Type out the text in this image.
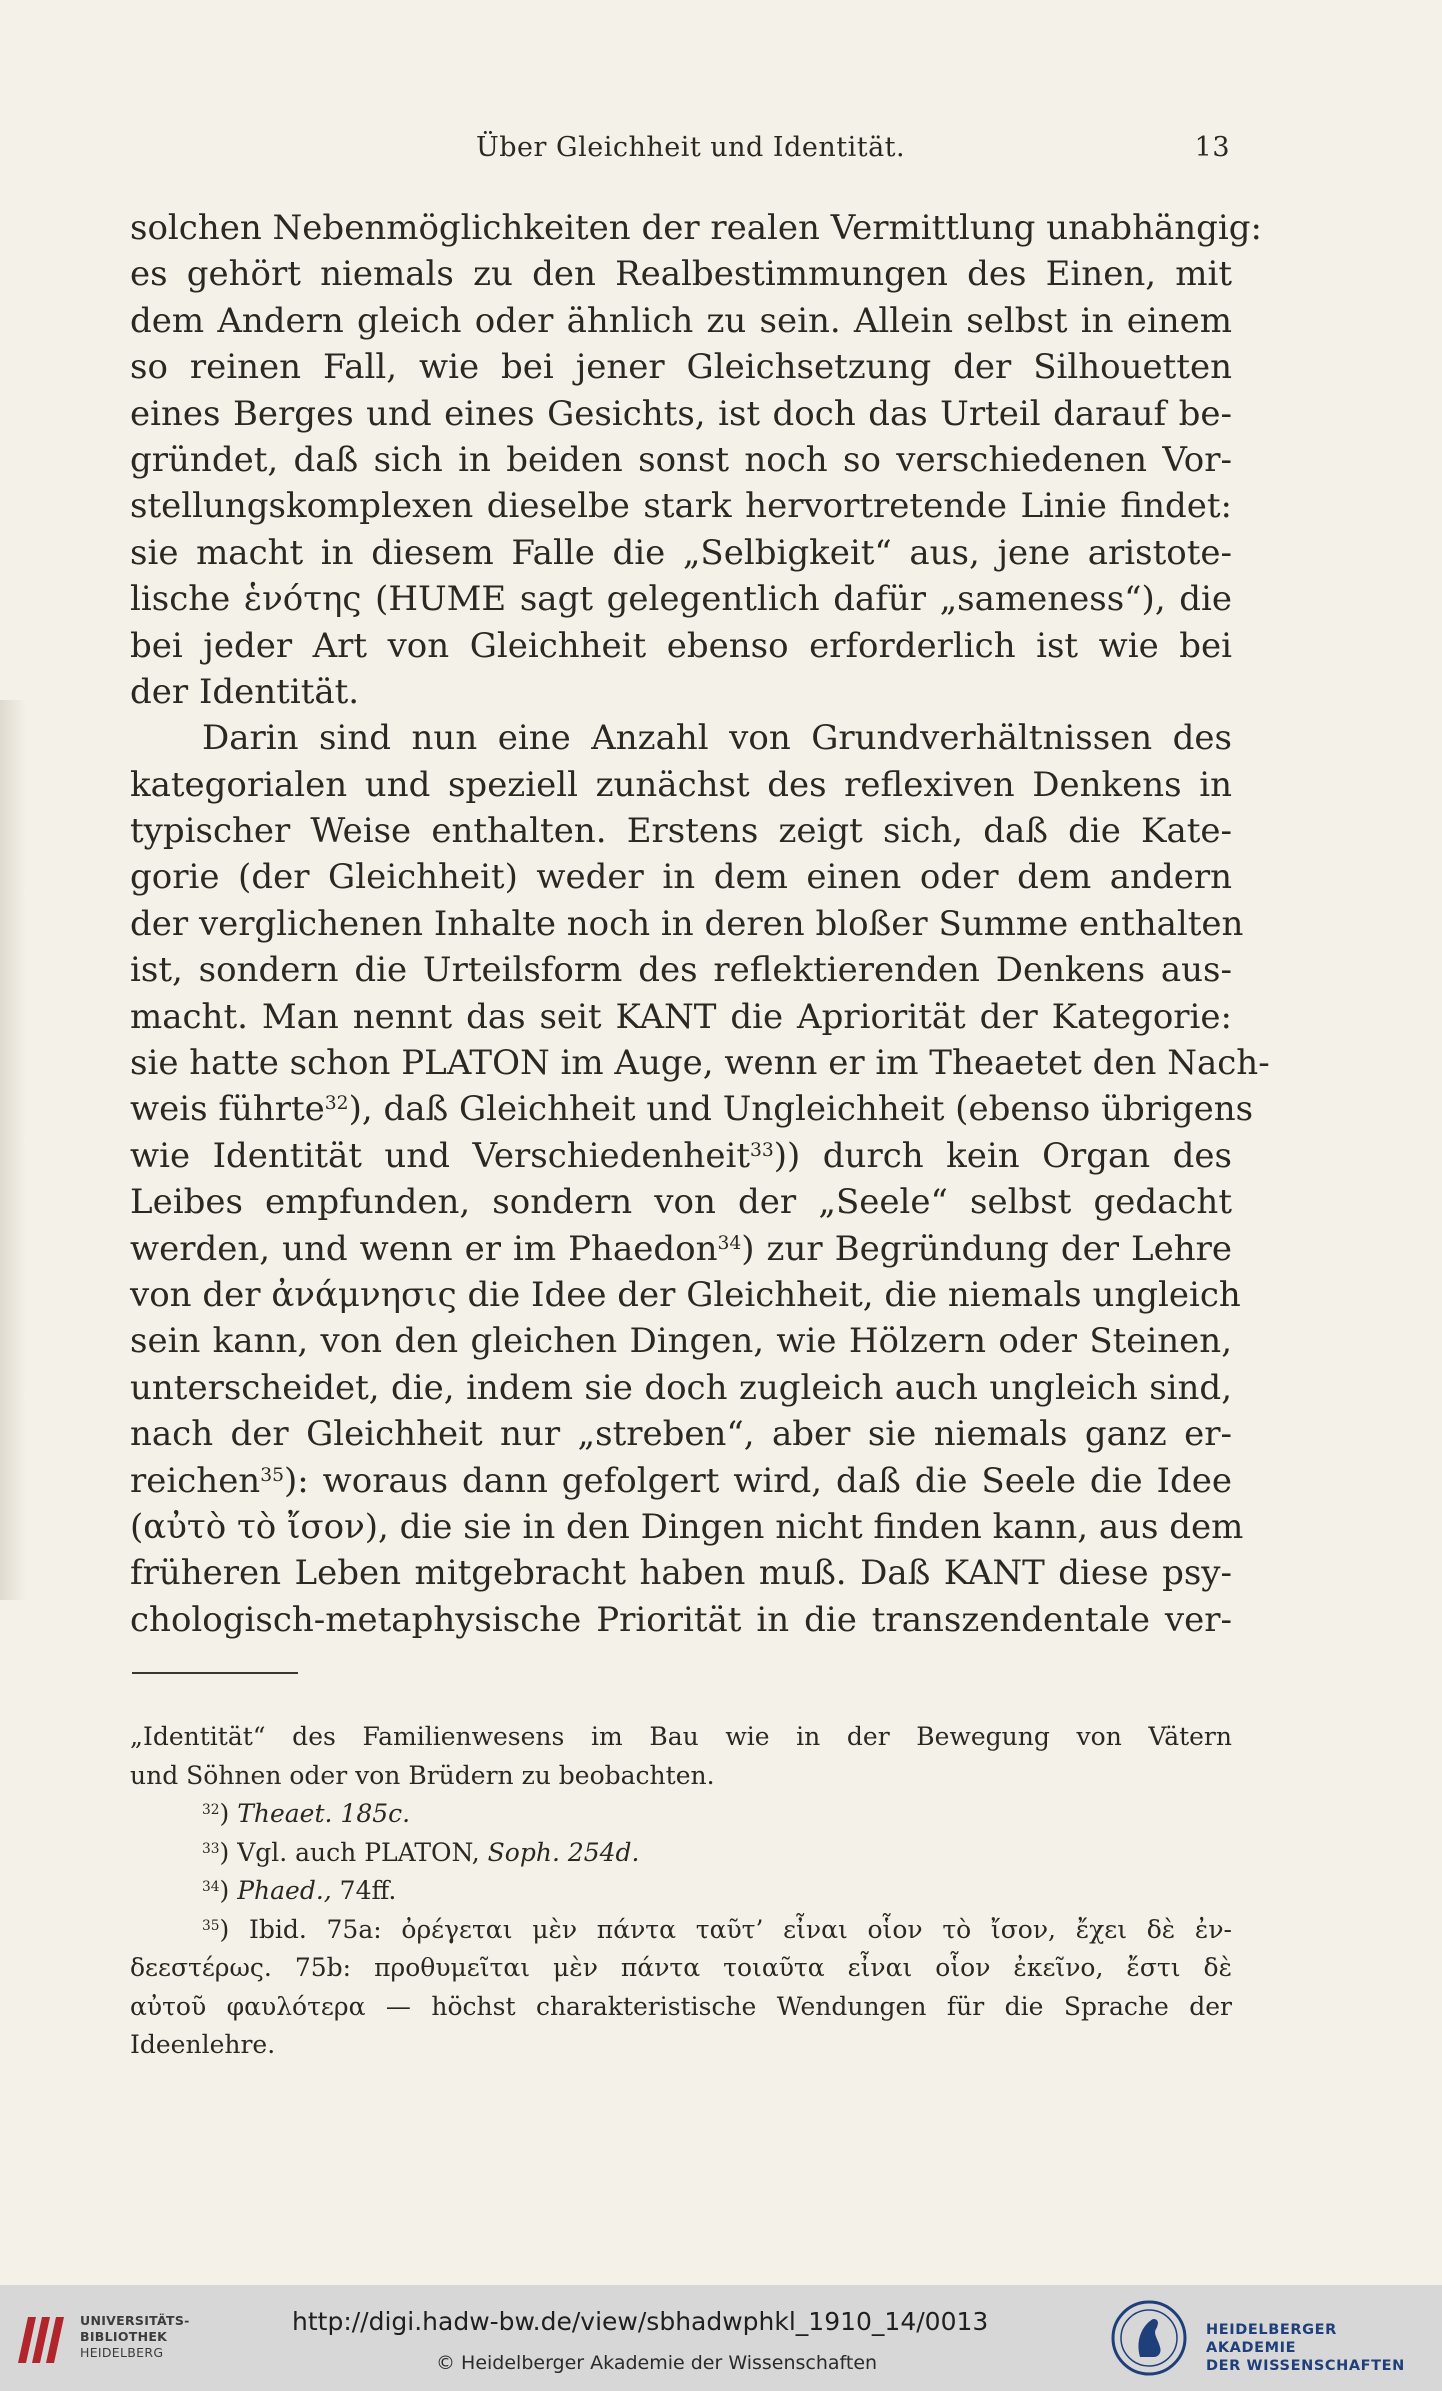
Über Gleichheit und Identität.	13
solchen Nebenmöglichkeiten der realen Vermittlung unabhängig:
es gehört niemals zu den Realbestimmungen des Einen, mit
dem Andern gleich oder ähnlich zu sein. Allein selbst in einem
so reinen Fall, wie bei jener Gleichsetzung der Silhouetten
eines Berges und eines Gesichts, ist doch das Urteil darauf be-
gründet, daß sich in beiden sonst noch so verschiedenen Vor-
stellungskomplexen dieselbe stark hervortretende Linie findet:
sie macht in diesem Falle die „Selbigkeit“ aus, jene aristote-
lische ἑνότης (HUME sagt gelegentlich dafür „sameness“), die
bei jeder Art von Gleichheit ebenso erforderlich ist wie bei
der Identität.
Darin sind nun eine Anzahl von Grundverhältnissen des
kategorialen und speziell zunächst des reflexiven Denkens in
typischer Weise enthalten. Erstens zeigt sich, daß die Kate-
gorie (der Gleichheit) weder in dem einen oder dem andern
der verglichenen Inhalte noch in deren bloßer Summe enthalten
ist, sondern die Urteilsform des reflektierenden Denkens aus-
macht. Man nennt das seit KANT die Apriorität der Kategorie:
sie hatte schon PLATON im Auge, wenn er im Theaetet den Nach-
weis führte$^{32}$), daß Gleichheit und Ungleichheit (ebenso übrigens
wie Identität und Verschiedenheit$^{33}$)) durch kein Organ des
Leibes empfunden, sondern von der „Seele“ selbst gedacht
werden, und wenn er im Phaedon$^{34}$) zur Begründung der Lehre
von der ἀνάμνησις die Idee der Gleichheit, die niemals ungleich
sein kann, von den gleichen Dingen, wie Hölzern oder Steinen,
unterscheidet, die, indem sie doch zugleich auch ungleich sind,
nach der Gleichheit nur „streben“, aber sie niemals ganz er-
reichen$^{35}$): woraus dann gefolgert wird, daß die Seele die Idee
(αὐτὸ τὸ ἴσον), die sie in den Dingen nicht finden kann, aus dem
früheren Leben mitgebracht haben muß. Daß KANT diese psy-
chologisch-metaphysische Priorität in die transzendentale ver-
„Identität“ des Familienwesens im Bau wie in der Bewegung von Vätern
und Söhnen oder von Brüdern zu beobachten.
$^{32}$) Theaet. 185c.
$^{33}$) Vgl. auch PLATON, Soph. 254d.
$^{34}$) Phaed., 74ff.
$^{35}$) Ibid. 75a: ὀρέγεται μὲν πάντα ταῦτ’ εἶναι οἷον τὸ ἴσον, ἔχει δὲ ἐν-
δεεστέρως. 75b: προθυμεῖται μὲν πάντα τοιαῦτα εἶναι οἷον ἐκεῖνο, ἔστι δὲ
αὐτοῦ φαυλότερα — höchst charakteristische Wendungen für die Sprache der
Ideenlehre.
UNIVERSITÄTS-
BIBLIOTHEK
HEIDELBERG
http://digi.hadw-bw.de/view/sbhadwphkl_1910_14/0013
© Heidelberger Akademie der Wissenschaften
HEIDELBERGER AKADEMIE
DER WISSENSCHAFTEN
